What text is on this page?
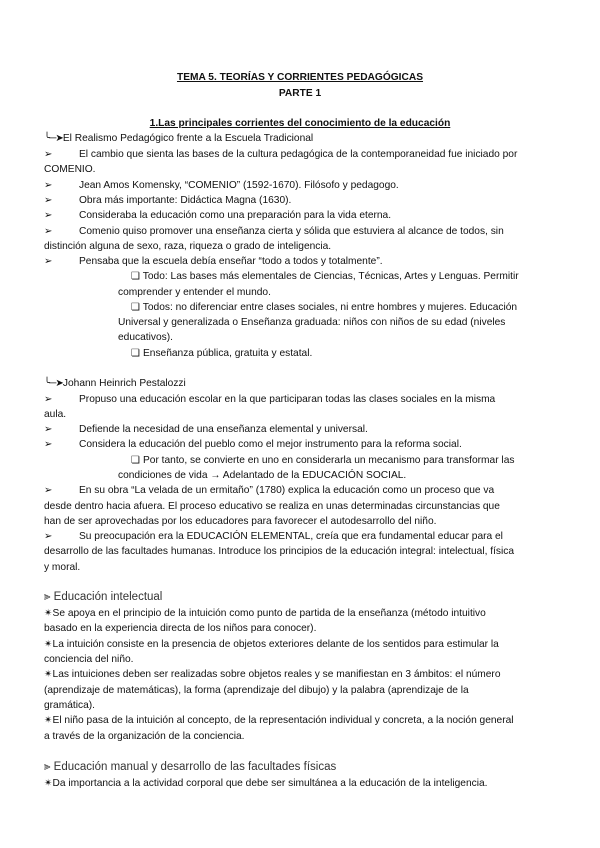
TEMA 5. TEORÍAS Y CORRIENTES PEDAGÓGICAS
PARTE 1
1.Las principales corrientes del conocimiento de la educación
╰─➤El Realismo Pedagógico frente a la Escuela Tradicional
➢	El cambio que sienta las bases de la cultura pedagógica de la contemporaneidad fue iniciado por
COMENIO.
➢	Jean Amos Komensky, “COMENIO” (1592-1670). Filósofo y pedagogo.
➢	Obra más importante: Didáctica Magna (1630).
➢	Consideraba la educación como una preparación para la vida eterna.
➢	Comenio quiso promover una enseñanza cierta y sólida que estuviera al alcance de todos, sin
distinción alguna de sexo, raza, riqueza o grado de inteligencia.
➢	Pensaba que la escuela debía enseñar “todo a todos y totalmente”.
❏ Todo: Las bases más elementales de Ciencias, Técnicas, Artes y Lenguas. Permitir
comprender y entender el mundo.
❏ Todos: no diferenciar entre clases sociales, ni entre hombres y mujeres. Educación
Universal y generalizada o Enseñanza graduada: niños con niños de su edad (niveles
educativos).
❏ Enseñanza pública, gratuita y estatal.
╰─➤Johann Heinrich Pestalozzi
➢	Propuso una educación escolar en la que participaran todas las clases sociales en la misma
aula.
➢	Defiende la necesidad de una enseñanza elemental y universal.
➢	Considera la educación del pueblo como el mejor instrumento para la reforma social.
❏ Por tanto, se convierte en uno en considerarla un mecanismo para transformar las
condiciones de vida → Adelantado de la EDUCACIÓN SOCIAL.
➢	En su obra “La velada de un ermitaño” (1780) explica la educación como un proceso que va
desde dentro hacia afuera. El proceso educativo se realiza en unas determinadas circunstancias que
han de ser aprovechadas por los educadores para favorecer el autodesarrollo del niño.
➢	Su preocupación era la EDUCACIÓN ELEMENTAL, creía que era fundamental educar para el
desarrollo de las facultades humanas. Introduce los principios de la educación integral: intelectual, física
y moral.
⫸ Educación intelectual
✴Se apoya en el principio de la intuición como punto de partida de la enseñanza (método intuitivo
basado en la experiencia directa de los niños para conocer).
✴La intuición consiste en la presencia de objetos exteriores delante de los sentidos para estimular la
conciencia del niño.
✴Las intuiciones deben ser realizadas sobre objetos reales y se manifiestan en 3 ámbitos: el número
(aprendizaje de matemáticas), la forma (aprendizaje del dibujo) y la palabra (aprendizaje de la
gramática).
✴El niño pasa de la intuición al concepto, de la representación individual y concreta, a la noción general
a través de la organización de la conciencia.
⫸ Educación manual y desarrollo de las facultades físicas
✴Da importancia a la actividad corporal que debe ser simultánea a la educación de la inteligencia.
